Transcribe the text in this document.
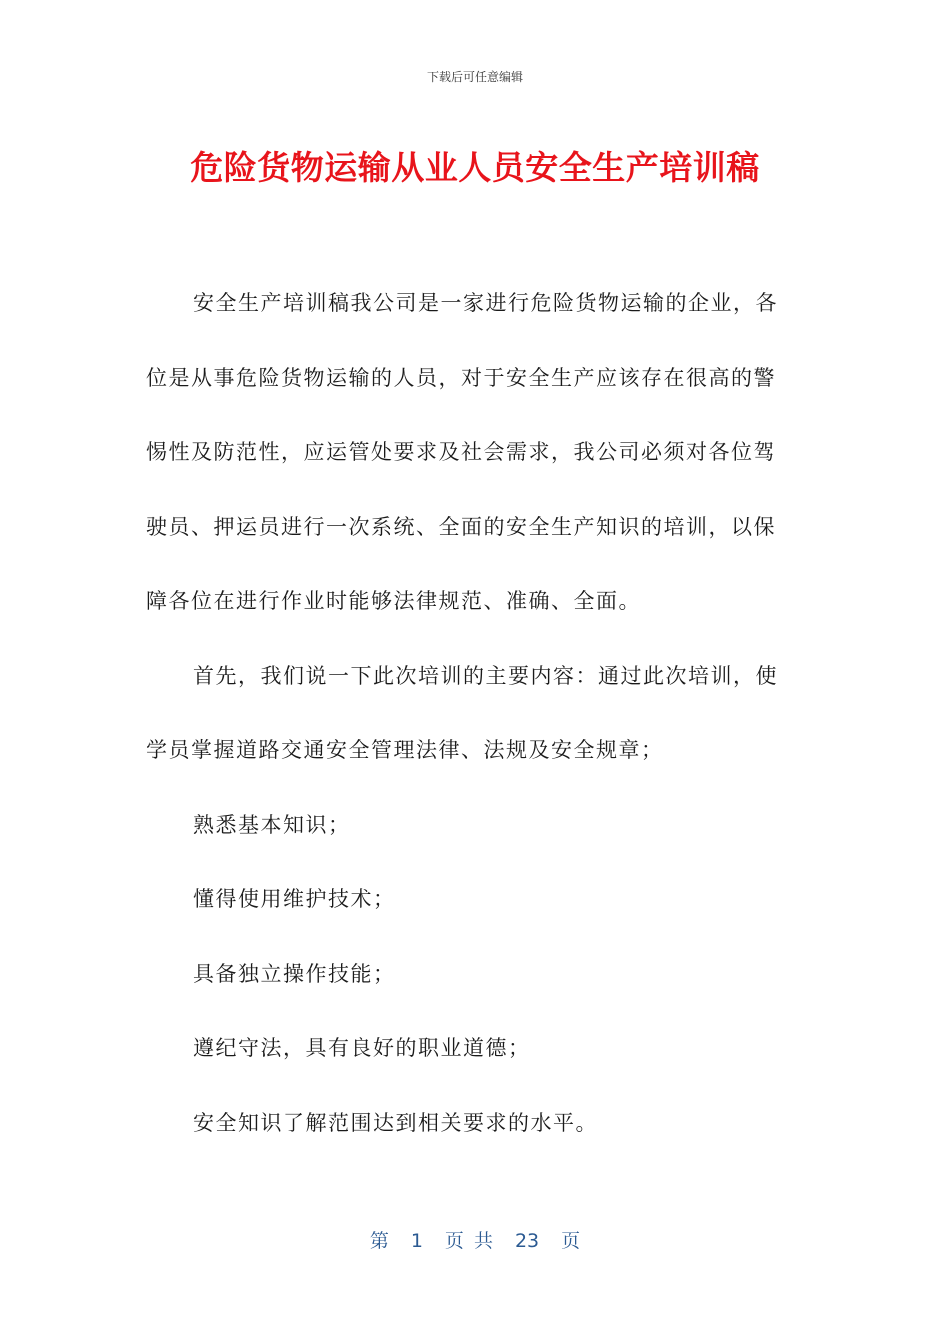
下载后可任意编辑
危险货物运输从业人员安全生产培训稿

安全生产培训稿我公司是一家进行危险货物运输的企业，各位是从事危险货物运输的人员，对于安全生产应该存在很高的警惕性及防范性，应运管处要求及社会需求，我公司必须对各位驾驶员、押运员进行一次系统、全面的安全生产知识的培训，以保障各位在进行作业时能够法律规范、准确、全面。

首先，我们说一下此次培训的主要内容：通过此次培训，使学员掌握道路交通安全管理法律、法规及安全规章；

熟悉基本知识；

懂得使用维护技术；

具备独立操作技能；

遵纪守法，具有良好的职业道德；

安全知识了解范围达到相关要求的水平。

第 1 页 共 23 页
